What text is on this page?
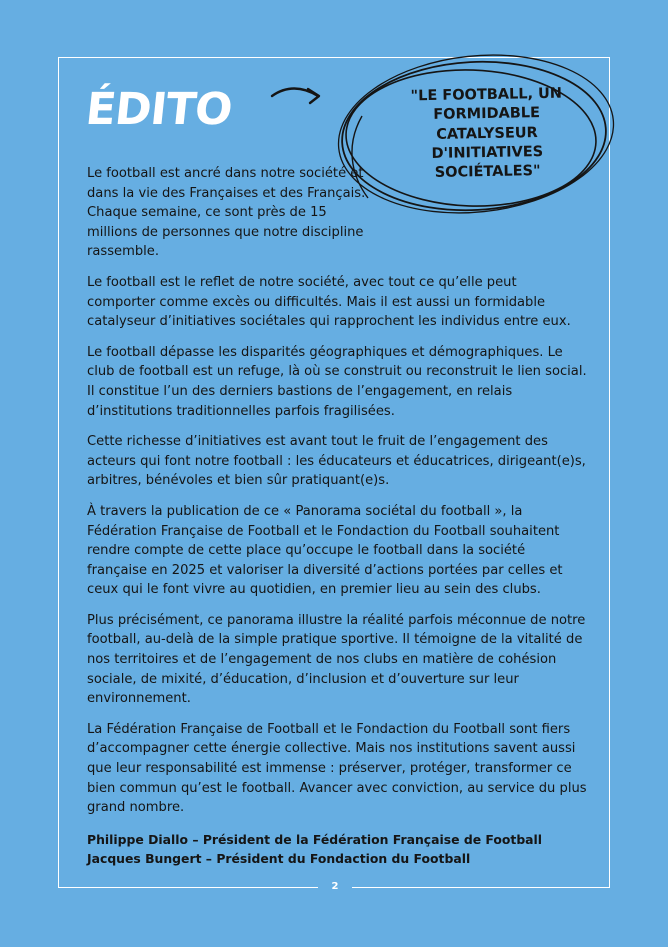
2
ÉDITO	"LE FOOTBALL, UN FORMIDABLE CATALYSEUR D'INITIATIVES SOCIÉTALES"

Le football est ancré dans notre société et dans la vie des Françaises et des Français. Chaque semaine, ce sont près de 15 millions de personnes que notre discipline rassemble.

Le football est le reflet de notre société, avec tout ce qu’elle peut comporter comme excès ou difficultés. Mais il est aussi un formidable catalyseur d’initiatives sociétales qui rapprochent les individus entre eux.

Le football dépasse les disparités géographiques et démographiques. Le club de football est un refuge, là où se construit ou reconstruit le lien social. Il constitue l’un des derniers bastions de l’engagement, en relais d’institutions traditionnelles parfois fragilisées.

Cette richesse d’initiatives est avant tout le fruit de l’engagement des acteurs qui font notre football : les éducateurs et éducatrices, dirigeant(e)s, arbitres, bénévoles et bien sûr pratiquant(e)s.

À travers la publication de ce « Panorama sociétal du football », la Fédération Française de Football et le Fondaction du Football souhaitent rendre compte de cette place qu’occupe le football dans la société française en 2025 et valoriser la diversité d’actions portées par celles et ceux qui le font vivre au quotidien, en premier lieu au sein des clubs.

Plus précisément, ce panorama illustre la réalité parfois méconnue de notre football, au-delà de la simple pratique sportive. Il témoigne de la vitalité de nos territoires et de l’engagement de nos clubs en matière de cohésion sociale, de mixité, d’éducation, d’inclusion et d’ouverture sur leur environnement.

La Fédération Française de Football et le Fondaction du Football sont fiers d’accompagner cette énergie collective. Mais nos institutions savent aussi que leur responsabilité est immense : préserver, protéger, transformer ce bien commun qu’est le football. Avancer avec conviction, au service du plus grand nombre.

Philippe Diallo – Président de la Fédération Française de Football

Jacques Bungert – Président du Fondaction du Football
